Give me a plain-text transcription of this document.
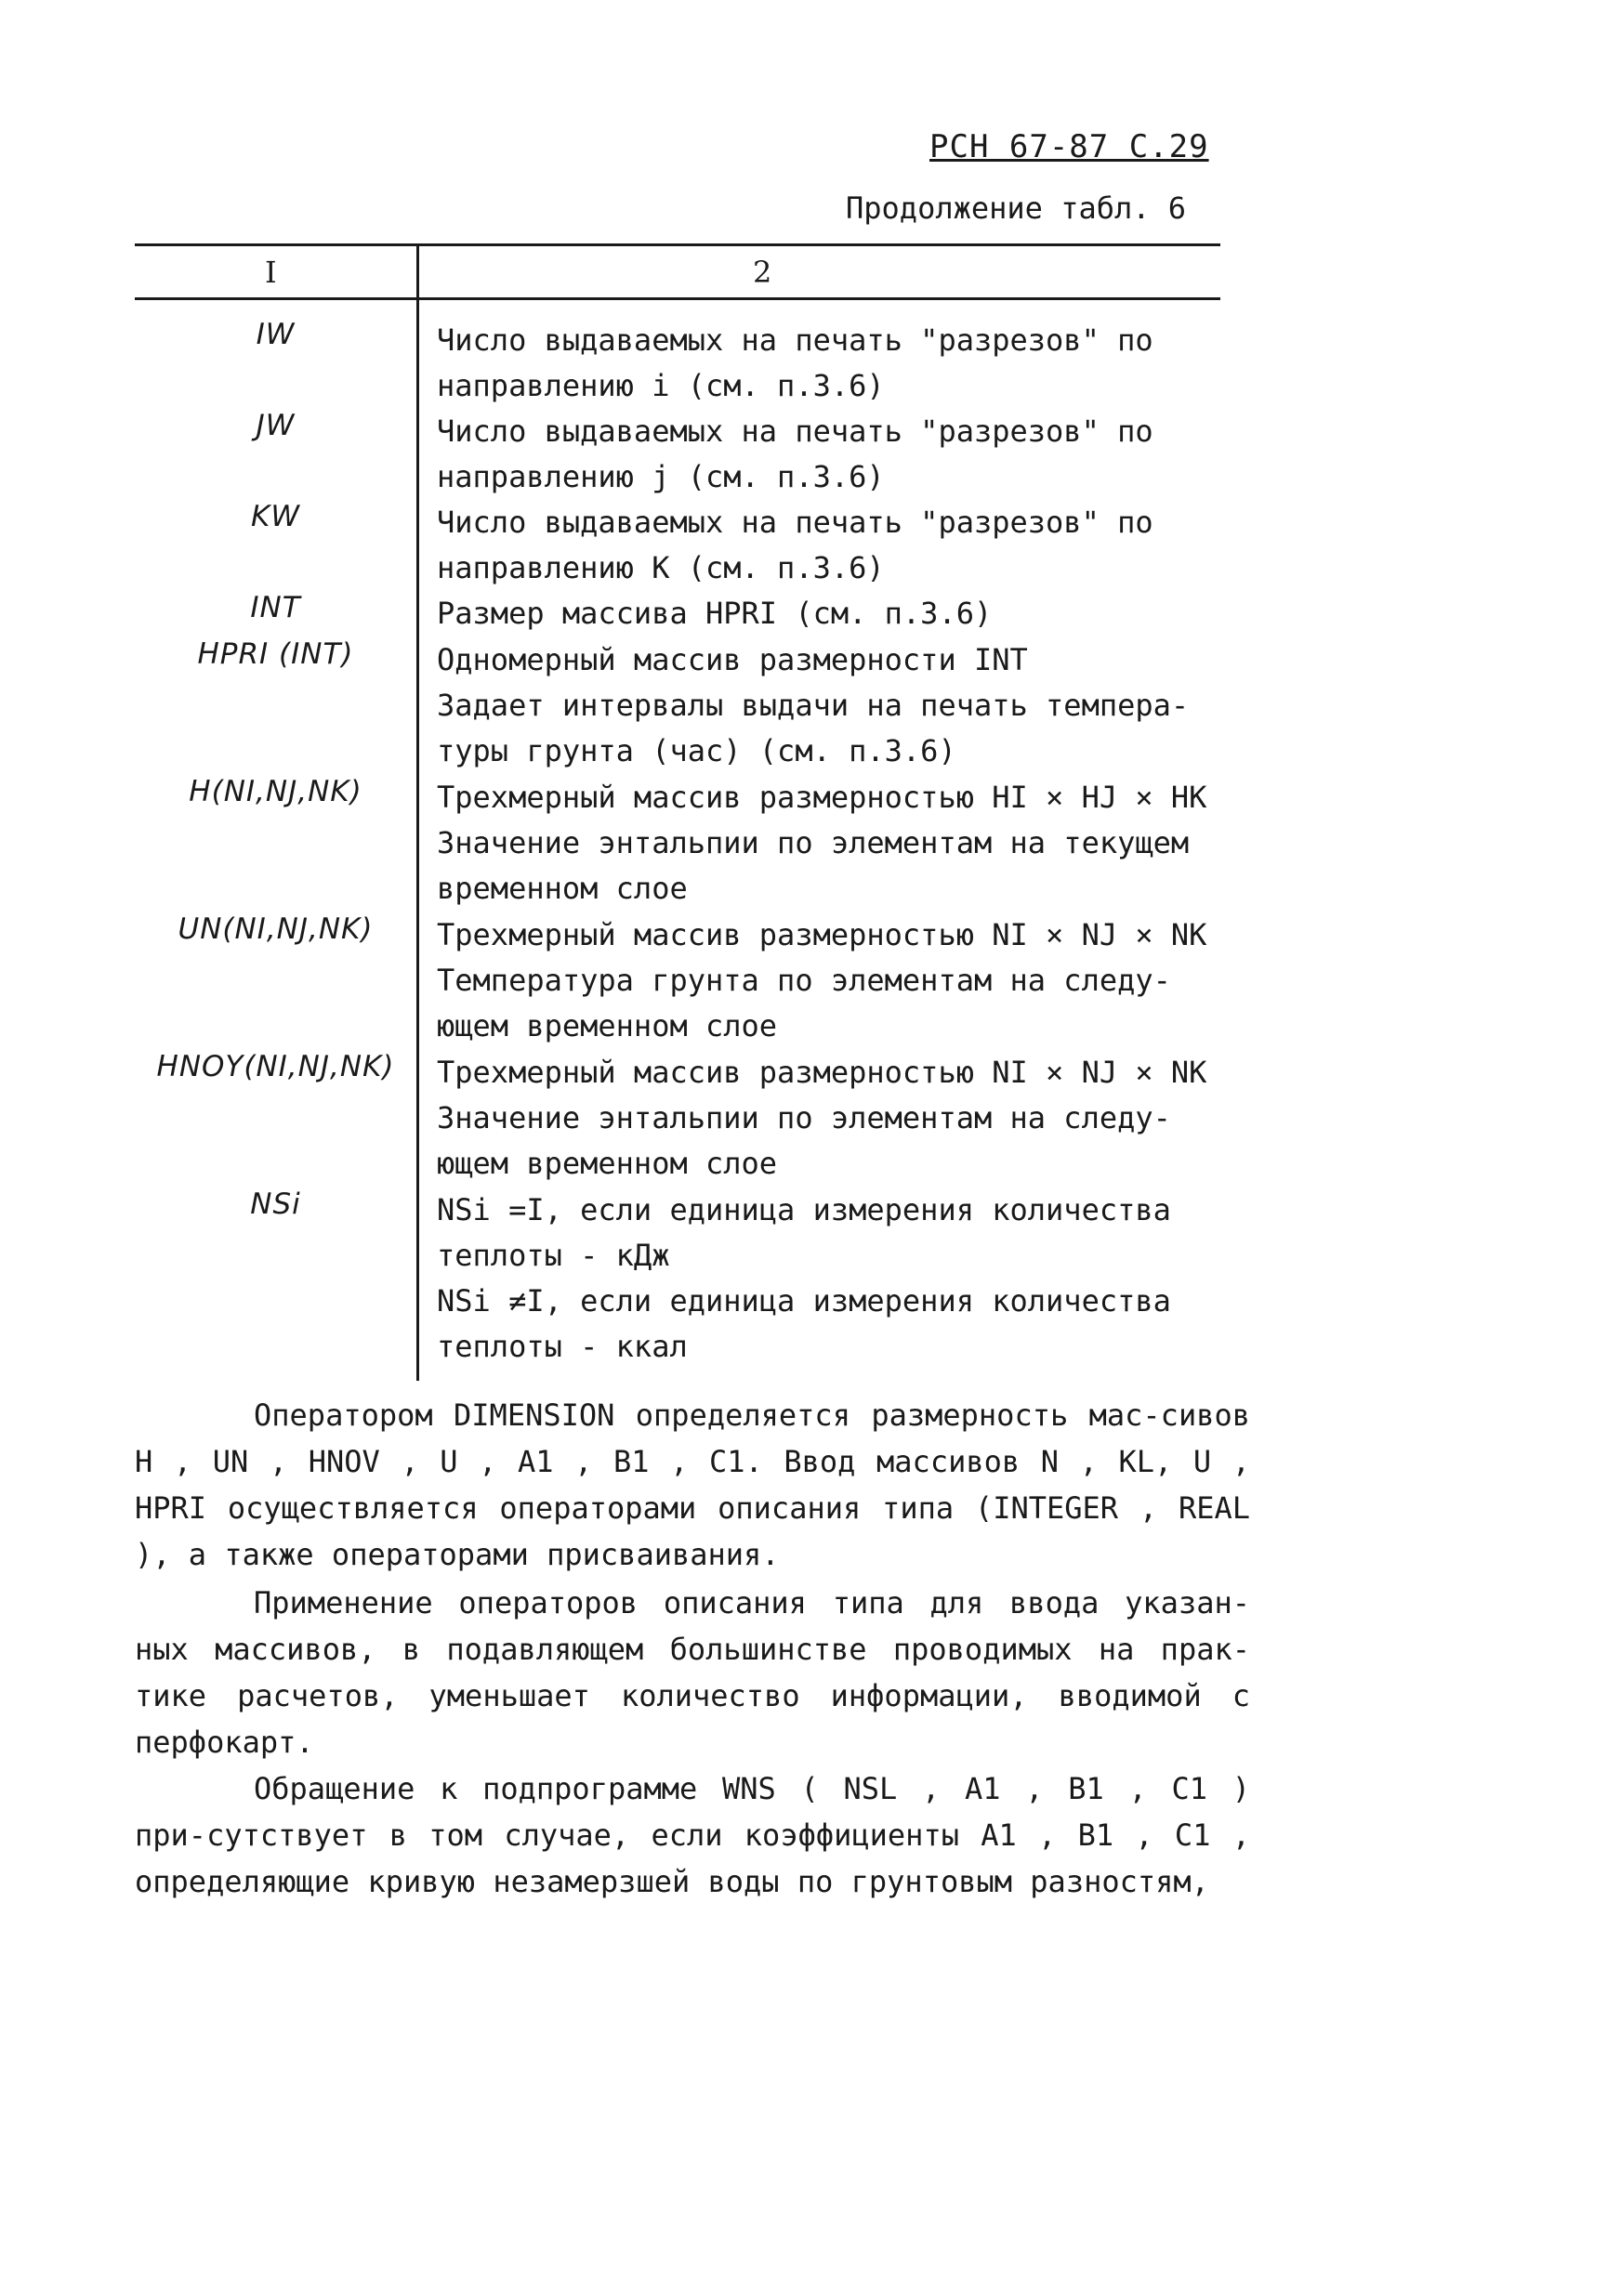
РСН 67-87 С.29
Продолжение табл. 6
I	2
IW	Число выдаваемых на печать "разрезов" по
направлению i (см. п.3.6)
JW	Число выдаваемых на печать "разрезов" по
направлению j (см. п.3.6)
KW	Число выдаваемых на печать "разрезов" по
направлению К (см. п.3.6)
INT	Размер массива HPRI (см. п.3.6)
HPRI (INT)	Одномерный массив размерности INT
Задает интервалы выдачи на печать темпера-
туры грунта (час) (см. п.3.6)
H(NI,NJ,NK)	Трехмерный массив размерностью HI × HJ × HK
Значение энтальпии по элементам на текущем
временном слое
UN(NI,NJ,NK)	Трехмерный массив размерностью NI × NJ × NK
Температура грунта по элементам на следу-
ющем временном слое
HNOY(NI,NJ,NK)	Трехмерный массив размерностью NI × NJ × NK
Значение энтальпии по элементам на следу-
ющем временном слое
NSi	NSi =I, если единица измерения количества
теплоты - кДж
NSi ≠I, если единица измерения количества
теплоты - ккал
Оператором DIMENSION определяется размерность мас-сивов H , UN , HNOV , U , A1 , B1 , C1. Ввод массивов N , KL, U , HPRI осуществляется операторами описания типа (INTEGER , REAL ), а также операторами присваивания.
Применение операторов описания типа для ввода указан-ных массивов, в подавляющем большинстве проводимых на прак-тике расчетов, уменьшает количество информации, вводимой с перфокарт.
Обращение к подпрограмме WNS ( NSL , A1 , B1 , C1 ) при-сутствует в том случае, если коэффициенты A1 , B1 , C1 , определяющие кривую незамерзшей воды по грунтовым разностям,
